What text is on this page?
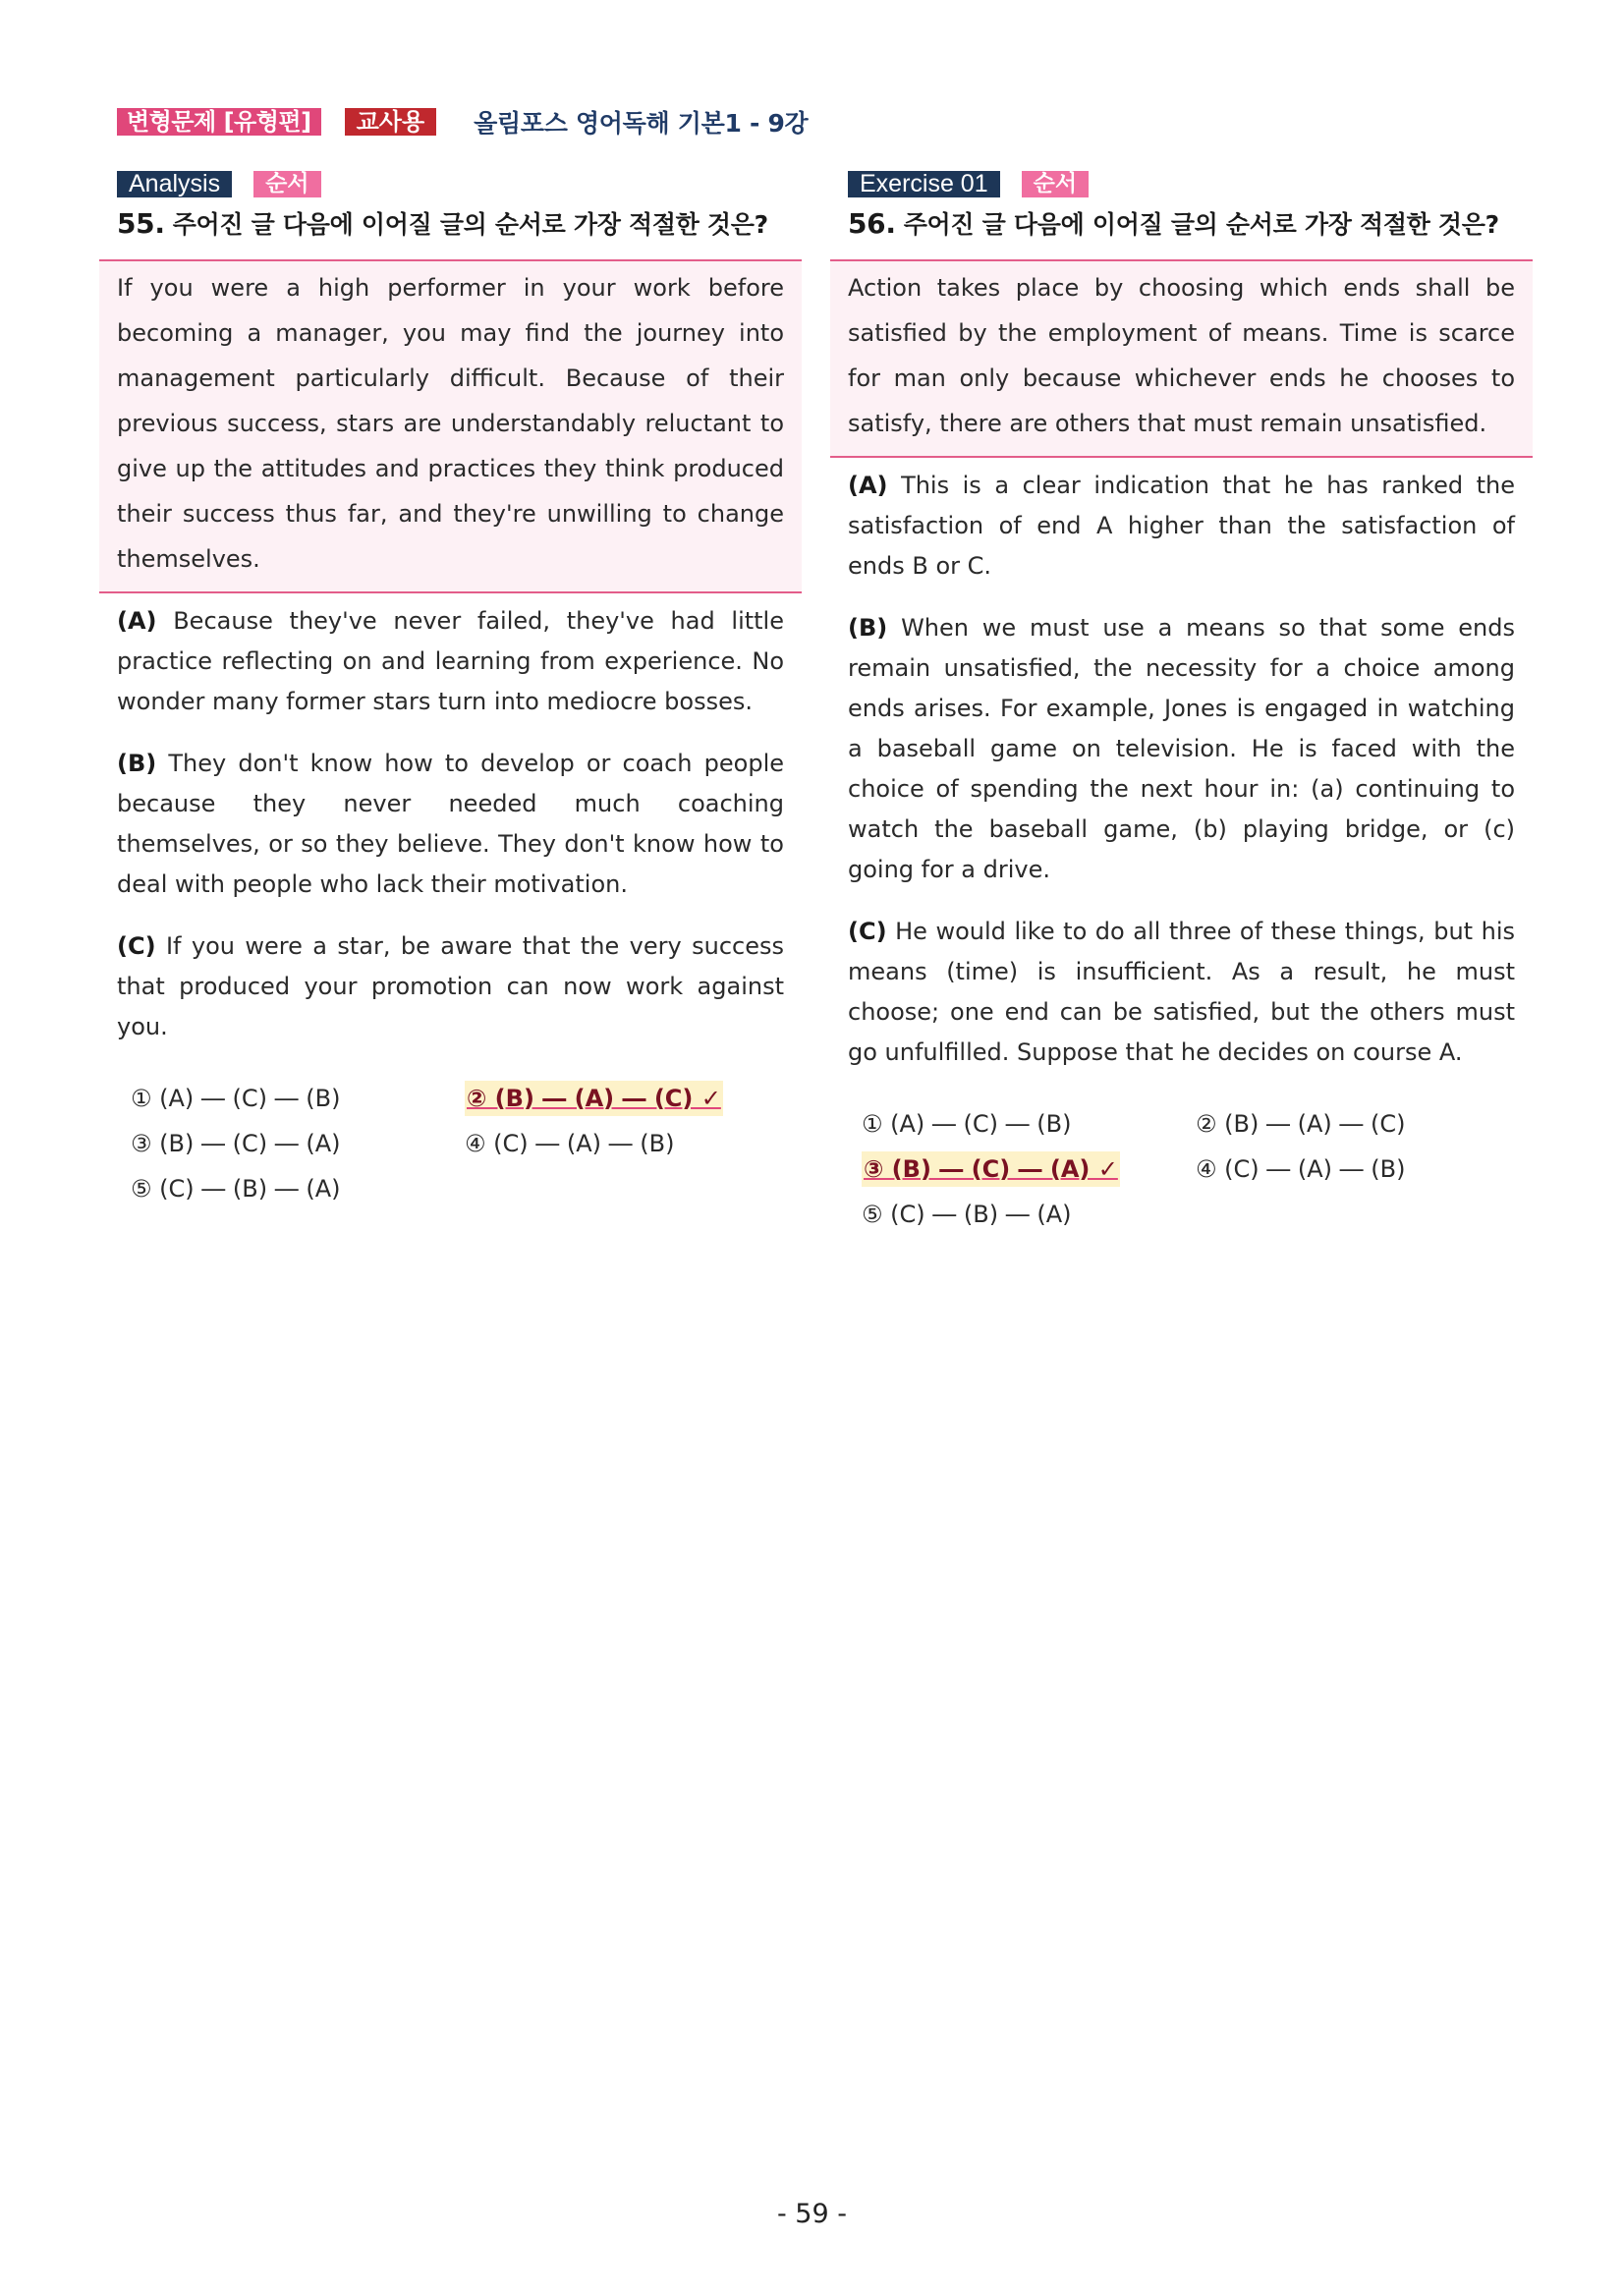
변형문제 [유형편]	교사용	올림포스 영어독해 기본1 - 9강
Analysis	순서
55. 주어진 글 다음에 이어질 글의 순서로 가장 적절한 것은?
If you were a high performer in your work before becoming a manager, you may find the journey into management particularly difficult. Because of their previous success, stars are understandably reluctant to give up the attitudes and practices they think produced their success thus far, and they're unwilling to change themselves.

(A) Because they've never failed, they've had little practice reflecting on and learning from experience. No wonder many former stars turn into mediocre bosses.

(B) They don't know how to develop or coach people because they never needed much coaching themselves, or so they believe. They don't know how to deal with people who lack their motivation.

(C) If you were a star, be aware that the very success that produced your promotion can now work against you.

① (A) ― (C) ― (B)	② (B) ― (A) ― (C) ✓
③ (B) ― (C) ― (A)	④ (C) ― (A) ― (B)
⑤ (C) ― (B) ― (A)
Exercise 01	순서
56. 주어진 글 다음에 이어질 글의 순서로 가장 적절한 것은?
Action takes place by choosing which ends shall be satisfied by the employment of means. Time is scarce for man only because whichever ends he chooses to satisfy, there are others that must remain unsatisfied.

(A) This is a clear indication that he has ranked the satisfaction of end A higher than the satisfaction of ends B or C.

(B) When we must use a means so that some ends remain unsatisfied, the necessity for a choice among ends arises. For example, Jones is engaged in watching a baseball game on television. He is faced with the choice of spending the next hour in: (a) continuing to watch the baseball game, (b) playing bridge, or (c) going for a drive.

(C) He would like to do all three of these things, but his means (time) is insufficient. As a result, he must choose; one end can be satisfied, but the others must go unfulfilled. Suppose that he decides on course A.

① (A) ― (C) ― (B)	② (B) ― (A) ― (C)
③ (B) ― (C) ― (A) ✓	④ (C) ― (A) ― (B)
⑤ (C) ― (B) ― (A)
- 59 -
